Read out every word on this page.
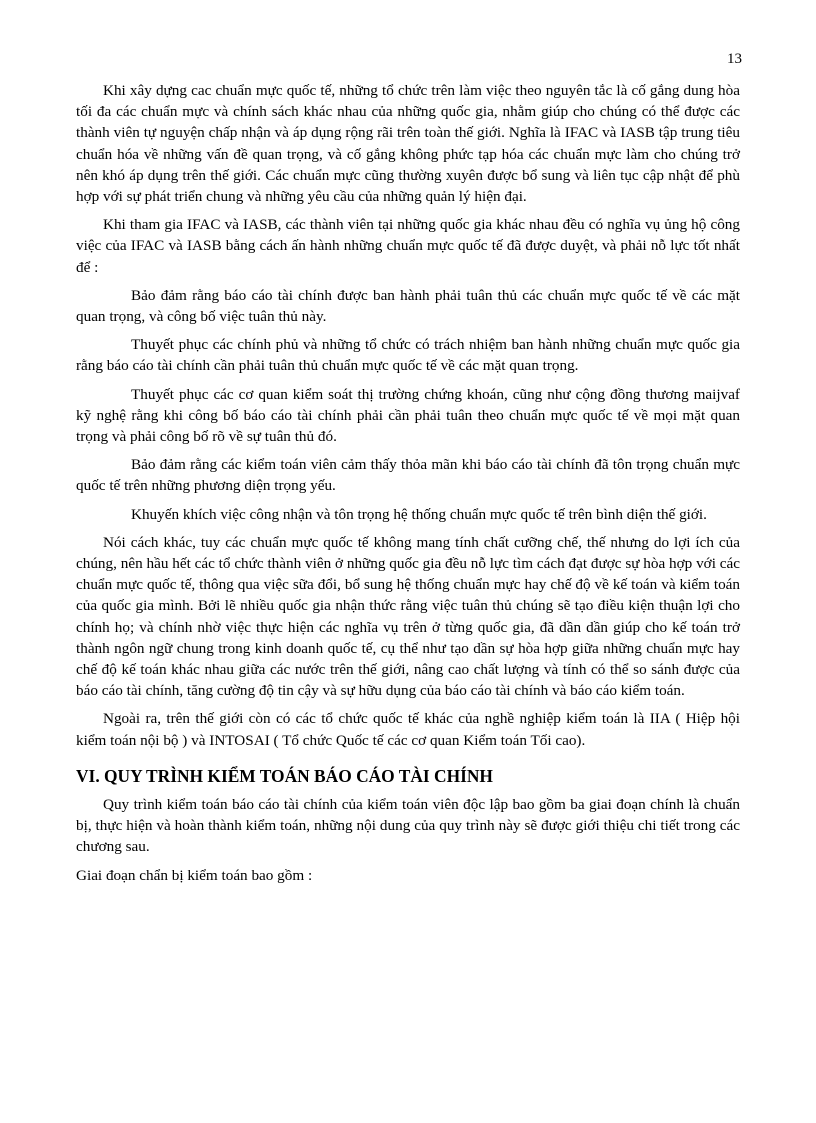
13

Khi xây dựng cac chuẩn mực quốc tế, những tổ chức trên làm việc theo nguyên tắc là cố gắng dung hòa tối đa các chuẩn mực và chính sách khác nhau của những quốc gia, nhằm giúp cho chúng có thể được các thành viên tự nguyện chấp nhận và áp dụng rộng rãi trên toàn thế giới. Nghĩa là IFAC và IASB tập trung tiêu chuẩn hóa về những vấn đề quan trọng, và cố gắng không phức tạp hóa các chuẩn mực làm cho chúng trở nên khó áp dụng trên thế giới. Các chuẩn mực cũng thường xuyên được bổ sung và liên tục cập nhật để phù hợp với sự phát triển chung và những yêu cầu của những quản lý hiện đại.

Khi tham gia IFAC và IASB, các thành viên tại những quốc gia khác nhau đều có nghĩa vụ ủng hộ công việc của IFAC và IASB bằng cách ấn hành những chuẩn mực quốc tế đã được duyệt, và phải nỗ lực tốt nhất để :

Bảo đảm rằng báo cáo tài chính được ban hành phải tuân thủ các chuẩn mực quốc tế về các mặt quan trọng, và công bố việc tuân thủ này.

Thuyết phục các chính phủ và những tổ chức có trách nhiệm ban hành những chuẩn mực quốc gia rằng báo cáo tài chính cần phải tuân thủ chuẩn mực quốc tế về các mặt quan trọng.

Thuyết phục các cơ quan kiểm soát thị trường chứng khoán, cũng như cộng đồng thương maijvaf kỹ nghệ rằng khi công bố báo cáo tài chính phải cần phải tuân theo chuẩn mực quốc tế về mọi mặt quan trọng và phải công bố rõ về sự tuân thủ đó.

Bảo đảm rằng các kiểm toán viên cảm thấy thỏa mãn khi báo cáo tài chính đã tôn trọng chuẩn mực quốc tế trên những phương diện trọng yếu.

Khuyến khích việc công nhận và tôn trọng hệ thống chuẩn mực quốc tế trên bình diện thế giới.

Nói cách khác, tuy các chuẩn mực quốc tế không mang tính chất cưỡng chế, thế nhưng do lợi ích của chúng, nên hầu hết các tổ chức thành viên ở những quốc gia đều nỗ lực tìm cách đạt được sự hòa hợp với các chuẩn mực quốc tế, thông qua việc sữa đổi, bổ sung hệ thống chuẩn mực hay chế độ về kế toán và kiểm toán của quốc gia mình. Bởi lẽ nhiều quốc gia nhận thức rằng việc tuân thủ chúng sẽ tạo điều kiện thuận lợi cho chính họ; và chính nhờ việc thực hiện các nghĩa vụ trên ở từng quốc gia, đã dần dần giúp cho kế toán trở thành ngôn ngữ chung trong kinh doanh quốc tế, cụ thể như tạo dần sự hòa hợp giữa những chuẩn mực hay chế độ kế toán khác nhau giữa các nước trên thế giới, nâng cao chất lượng và tính có thể so sánh được của báo cáo tài chính, tăng cường độ tin cậy và sự hữu dụng của báo cáo tài chính và báo cáo kiểm toán.

Ngoài ra, trên thế giới còn có các tổ chức quốc tế khác của nghề nghiệp kiểm toán là IIA ( Hiệp hội kiểm toán nội bộ ) và INTOSAI ( Tổ chức Quốc tế các cơ quan Kiểm toán Tối cao).

VI. QUY TRÌNH KIỂM TOÁN BÁO CÁO TÀI CHÍNH

Quy trình kiểm toán báo cáo tài chính của kiểm toán viên độc lập bao gồm ba giai đoạn chính là chuẩn bị, thực hiện và hoàn thành kiểm toán, những nội dung của quy trình này sẽ được giới thiệu chi tiết trong các chương sau.

Giai đoạn chẩn bị kiểm toán bao gồm :
